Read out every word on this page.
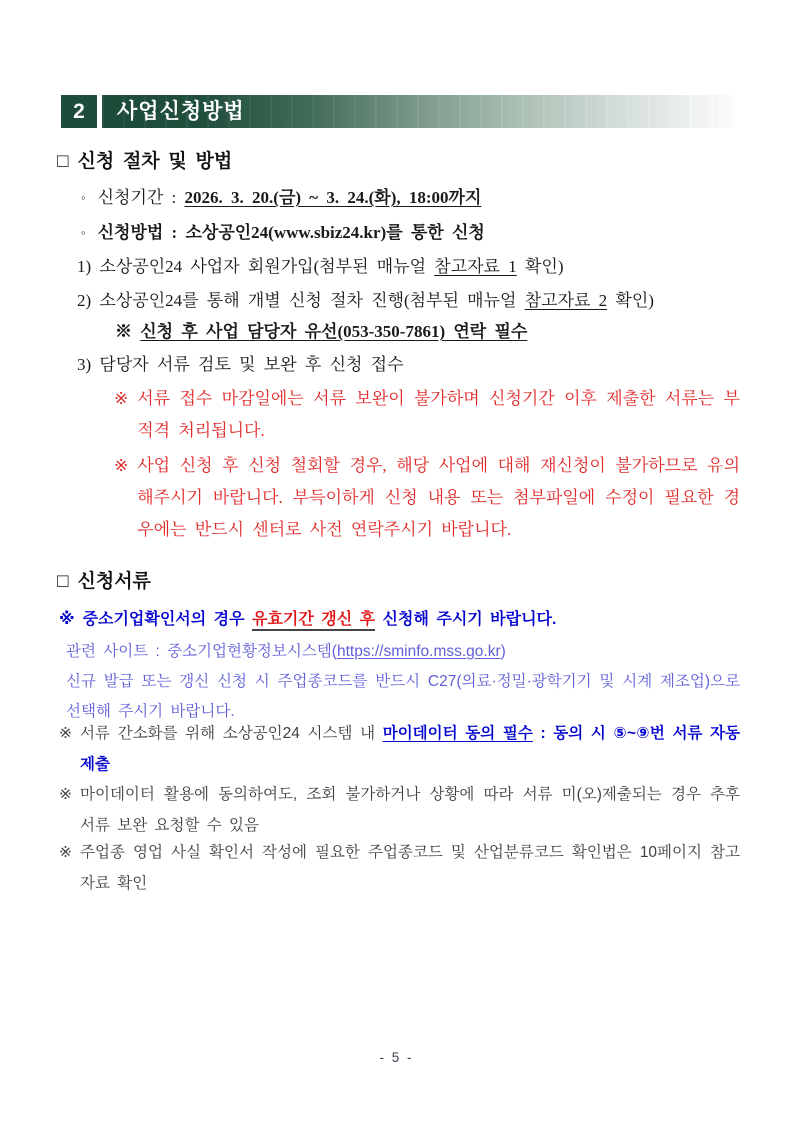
2	사업신청방법
□ 신청 절차 및 방법
◦ 신청기간 : 2026. 3. 20.(금) ~ 3. 24.(화), 18:00까지
◦ 신청방법 : 소상공인24(www.sbiz24.kr)를 통한 신청
1) 소상공인24 사업자 회원가입(첨부된 매뉴얼 참고자료 1 확인)
2) 소상공인24를 통해 개별 신청 절차 진행(첨부된 매뉴얼 참고자료 2 확인)
※ 신청 후 사업 담당자 유선(053-350-7861) 연락 필수
3) 담당자 서류 검토 및 보완 후 신청 접수
※ 서류 접수 마감일에는 서류 보완이 불가하며 신청기간 이후 제출한 서류는 부적격 처리됩니다.

※ 사업 신청 후 신청 철회할 경우, 해당 사업에 대해 재신청이 불가하므로 유의해주시기 바랍니다. 부득이하게 신청 내용 또는 첨부파일에 수정이 필요한 경우에는 반드시 센터로 사전 연락주시기 바랍니다.

□ 신청서류
※ 중소기업확인서의 경우 유효기간 갱신 후 신청해 주시기 바랍니다.

관련 사이트 : 중소기업현황정보시스템(https://sminfo.mss.go.kr)
신규 발급 또는 갱신 신청 시 주업종코드를 반드시 C27(의료·정밀·광학기기 및 시계 제조업)으로 선택해 주시기 바랍니다.
※ 서류 간소화를 위해 소상공인24 시스템 내 마이데이터 동의 필수 : 동의 시 ⑤~⑨번 서류 자동 제출

※ 마이데이터 활용에 동의하여도, 조회 불가하거나 상황에 따라 서류 미(오)제출되는 경우 추후 서류 보완 요청할 수 있음

※ 주업종 영업 사실 확인서 작성에 필요한 주업종코드 및 산업분류코드 확인법은 10페이지 참고자료 확인

- 5 -
